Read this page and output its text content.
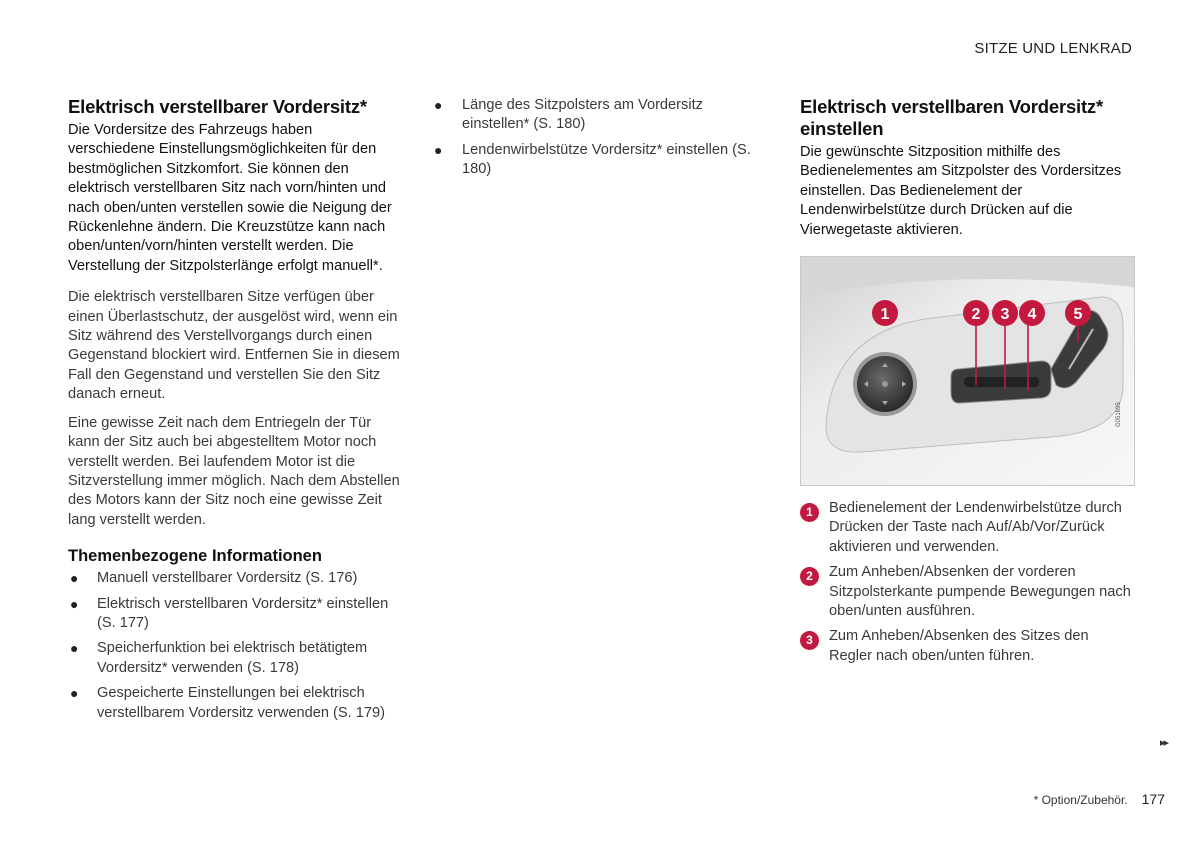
SITZE UND LENKRAD
Elektrisch verstellbarer Vordersitz*

Die Vordersitze des Fahrzeugs haben verschiedene Einstellungsmöglichkeiten für den bestmöglichen Sitzkomfort. Sie können den elektrisch verstellbaren Sitz nach vorn/hinten und nach oben/unten verstellen sowie die Neigung der Rückenlehne ändern. Die Kreuzstütze kann nach oben/unten/vorn/hinten verstellt werden. Die Verstellung der Sitzpolsterlänge erfolgt manuell*.

Die elektrisch verstellbaren Sitze verfügen über einen Überlastschutz, der ausgelöst wird, wenn ein Sitz während des Verstellvorgangs durch einen Gegenstand blockiert wird. Entfernen Sie in diesem Fall den Gegenstand und verstellen Sie den Sitz danach erneut.

Eine gewisse Zeit nach dem Entriegeln der Tür kann der Sitz auch bei abgestelltem Motor noch verstellt werden. Bei laufendem Motor ist die Sitzverstellung immer möglich. Nach dem Abstellen des Motors kann der Sitz noch eine gewisse Zeit lang verstellt werden.

Themenbezogene Informationen
● Manuell verstellbarer Vordersitz (S. 176)
● Elektrisch verstellbaren Vordersitz* einstellen (S. 177)
● Speicherfunktion bei elektrisch betätigtem Vordersitz* verwenden (S. 178)
● Gespeicherte Einstellungen bei elektrisch verstellbarem Vordersitz verwenden (S. 179)
● Länge des Sitzpolsters am Vordersitz einstellen* (S. 180)
● Lendenwirbelstütze Vordersitz* einstellen (S. 180)
Elektrisch verstellbaren Vordersitz* einstellen

Die gewünschte Sitzposition mithilfe des Bedienelementes am Sitzpolster des Vordersitzes einstellen. Das Bedienelement der Lendenwirbelstütze durch Drücken auf die Vierwegetaste aktivieren.

1	2 3 4 5
G051695
1	Bedienelement der Lendenwirbelstütze durch Drücken der Taste nach Auf/Ab/Vor/Zurück aktivieren und verwenden.
2	Zum Anheben/Absenken der vorderen Sitzpolsterkante pumpende Bewegungen nach oben/unten ausführen.
3	Zum Anheben/Absenken des Sitzes den Regler nach oben/unten führen.
▸▸
* Option/Zubehör. 177
